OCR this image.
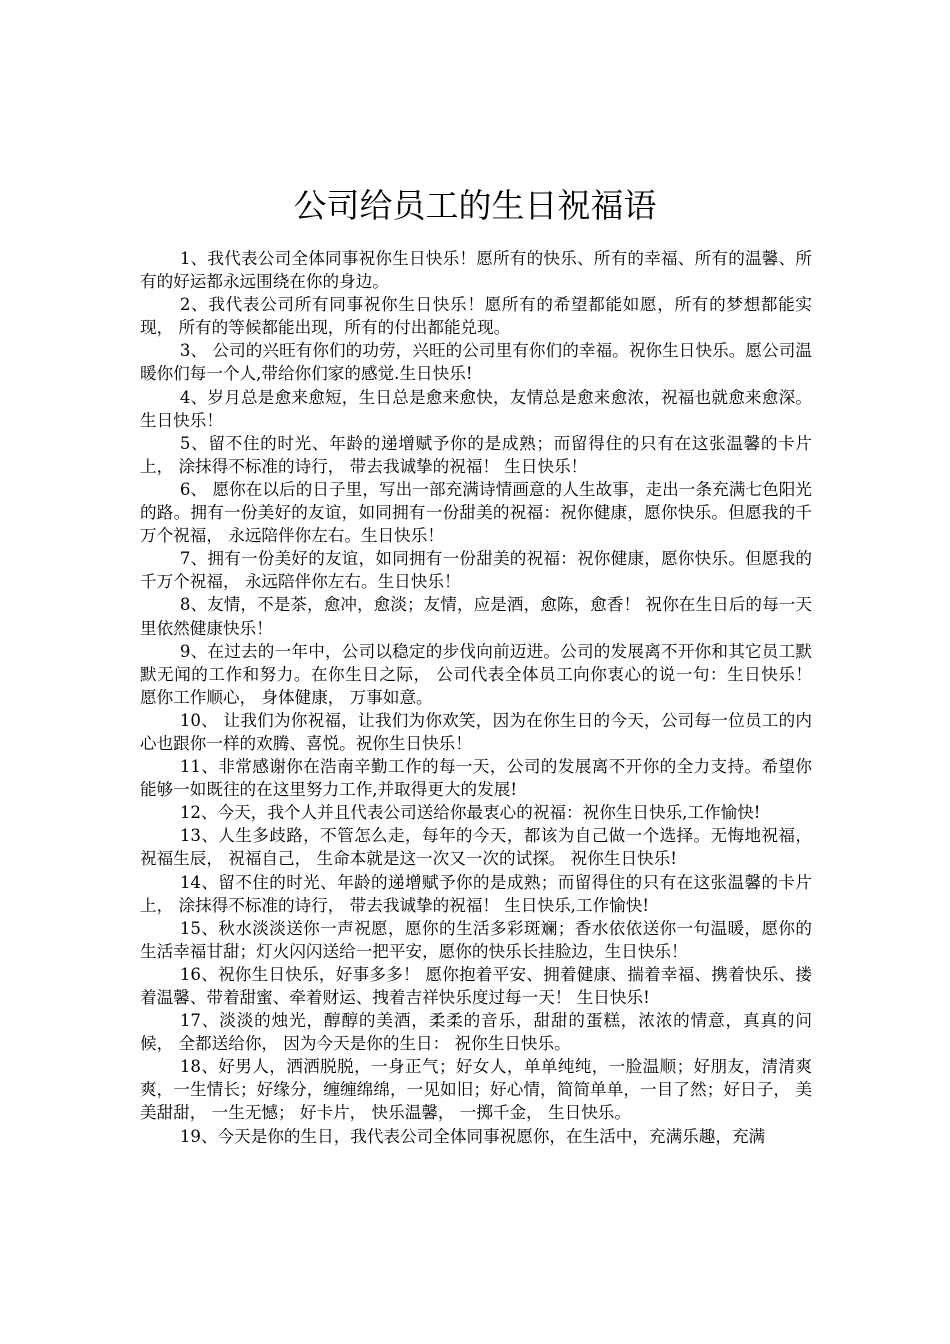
公司给员工的生日祝福语

1、我代表公司全体同事祝你生日快乐！愿所有的快乐、所有的幸福、所有的温馨、所有的好运都永远围绕在你的身边。

2、我代表公司所有同事祝你生日快乐！愿所有的希望都能如愿，所有的梦想都能实现， 所有的等候都能出现，所有的付出都能兑现。

3、 公司的兴旺有你们的功劳，兴旺的公司里有你们的幸福。祝你生日快乐。愿公司温暖你们每一个人,带给你们家的感觉.生日快乐!

4、岁月总是愈来愈短，生日总是愈来愈快，友情总是愈来愈浓，祝福也就愈来愈深。生日快乐！

5、留不住的时光、年龄的递增赋予你的是成熟；而留得住的只有在这张温馨的卡片上， 涂抹得不标准的诗行， 带去我诚挚的祝福！ 生日快乐！

6、 愿你在以后的日子里，写出一部充满诗情画意的人生故事，走出一条充满七色阳光的路。拥有一份美好的友谊，如同拥有一份甜美的祝福：祝你健康，愿你快乐。但愿我的千万个祝福， 永远陪伴你左右。生日快乐！

7、拥有一份美好的友谊，如同拥有一份甜美的祝福：祝你健康，愿你快乐。但愿我的千万个祝福， 永远陪伴你左右。生日快乐！

8、友情，不是茶，愈冲，愈淡；友情，应是酒，愈陈，愈香！ 祝你在生日后的每一天里依然健康快乐！

9、在过去的一年中，公司以稳定的步伐向前迈进。公司的发展离不开你和其它员工默默无闻的工作和努力。在你生日之际， 公司代表全体员工向你衷心的说一句：生日快乐！ 愿你工作顺心， 身体健康， 万事如意。

10、 让我们为你祝福，让我们为你欢笑，因为在你生日的今天，公司每一位员工的内心也跟你一样的欢腾、喜悦。祝你生日快乐！

11、非常感谢你在浩南辛勤工作的每一天，公司的发展离不开你的全力支持。希望你能够一如既往的在这里努力工作,并取得更大的发展!

12、今天，我个人并且代表公司送给你最衷心的祝福：祝你生日快乐,工作愉快!

13、人生多歧路，不管怎么走，每年的今天，都该为自己做一个选择。无悔地祝福， 祝福生辰， 祝福自己， 生命本就是这一次又一次的试探。 祝你生日快乐!

14、留不住的时光、年龄的递增赋予你的是成熟；而留得住的只有在这张温馨的卡片上， 涂抹得不标准的诗行， 带去我诚挚的祝福！ 生日快乐,工作愉快!

15、秋水淡淡送你一声祝愿，愿你的生活多彩斑斓；香水依依送你一句温暖，愿你的生活幸福甘甜；灯火闪闪送给一把平安，愿你的快乐长挂脸边，生日快乐！

16、祝你生日快乐，好事多多！ 愿你抱着平安、拥着健康、揣着幸福、携着快乐、搂着温馨、带着甜蜜、牵着财运、拽着吉祥快乐度过每一天！ 生日快乐!

17、淡淡的烛光，醇醇的美酒，柔柔的音乐，甜甜的蛋糕，浓浓的情意，真真的问候， 全都送给你， 因为今天是你的生日： 祝你生日快乐。

18、好男人，洒洒脱脱，一身正气；好女人，单单纯纯，一脸温顺；好朋友，清清爽爽，一生情长；好缘分，缠缠绵绵，一见如旧；好心情，简简单单，一目了然；好日子， 美美甜甜， 一生无憾； 好卡片， 快乐温馨， 一掷千金， 生日快乐。

19、今天是你的生日，我代表公司全体同事祝愿你，在生活中，充满乐趣，充满
